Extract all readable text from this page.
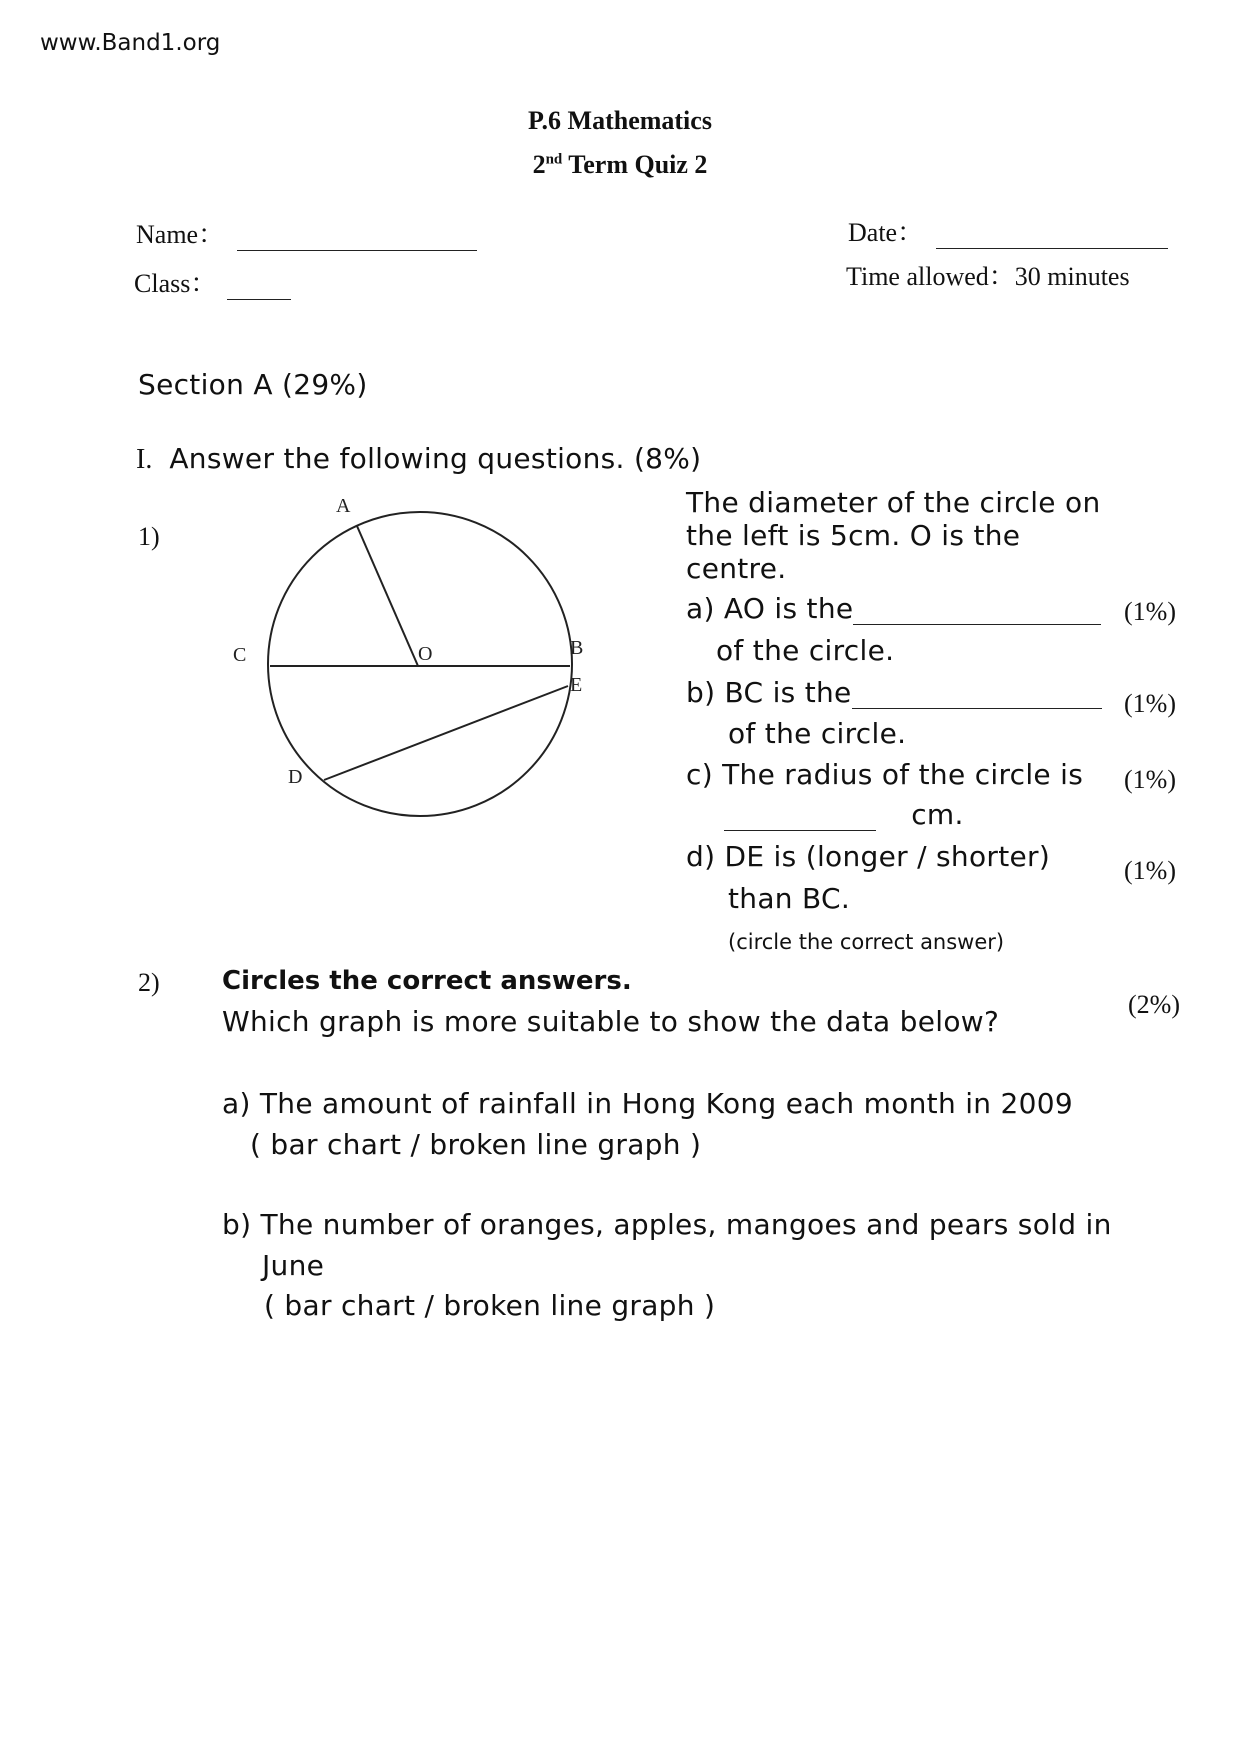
www.Band1.org
P.6 Mathematics
2nd Term Quiz 2
Name：
Class：
Date：
Time allowed：30 minutes
Section A (29%)
I. Answer the following questions. (8%)
1)
A
O
C	B
E
D
The diameter of the circle on
the left is 5cm. O is the
centre.
a) AO is the	(1%)
of the circle.
b) BC is the	(1%)
of the circle.
c) The radius of the circle is (1%)
cm.
d) DE is (longer / shorter)	(1%)
than BC.
(circle the correct answer)
2) Circles the correct answers.
Which graph is more suitable to show the data below?
(2%)
a) The amount of rainfall in Hong Kong each month in 2009
( bar chart / broken line graph )
b) The number of oranges, apples, mangoes and pears sold in
June
( bar chart / broken line graph )
